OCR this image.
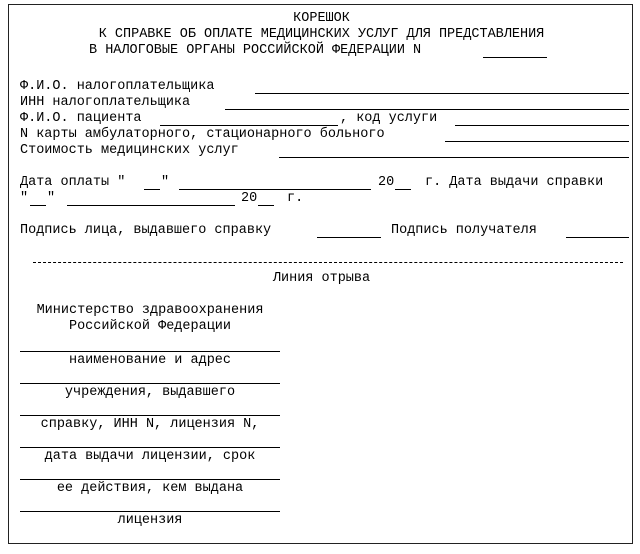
КОРЕШОК
К СПРАВКЕ ОБ ОПЛАТЕ МЕДИЦИНСКИХ УСЛУГ ДЛЯ ПРЕДСТАВЛЕНИЯ
В НАЛОГОВЫЕ ОРГАНЫ РОССИЙСКОЙ ФЕДЕРАЦИИ N
Ф.И.О. налогоплательщика
ИНН налогоплательщика
Ф.И.О. пациента	, код услуги
N карты амбулаторного, стационарного больного
Стоимость медицинских услуг
Дата оплаты "	"	20 г. Дата выдачи справки
" "	20 г.
Подпись лица, выдавшего справку	Подпись получателя
Линия отрыва
Министерство здравоохранения
Российской Федерации
наименование и адрес
учреждения, выдавшего
справку, ИНН N, лицензия N,
дата выдачи лицензии, срок
ее действия, кем выдана
лицензия
